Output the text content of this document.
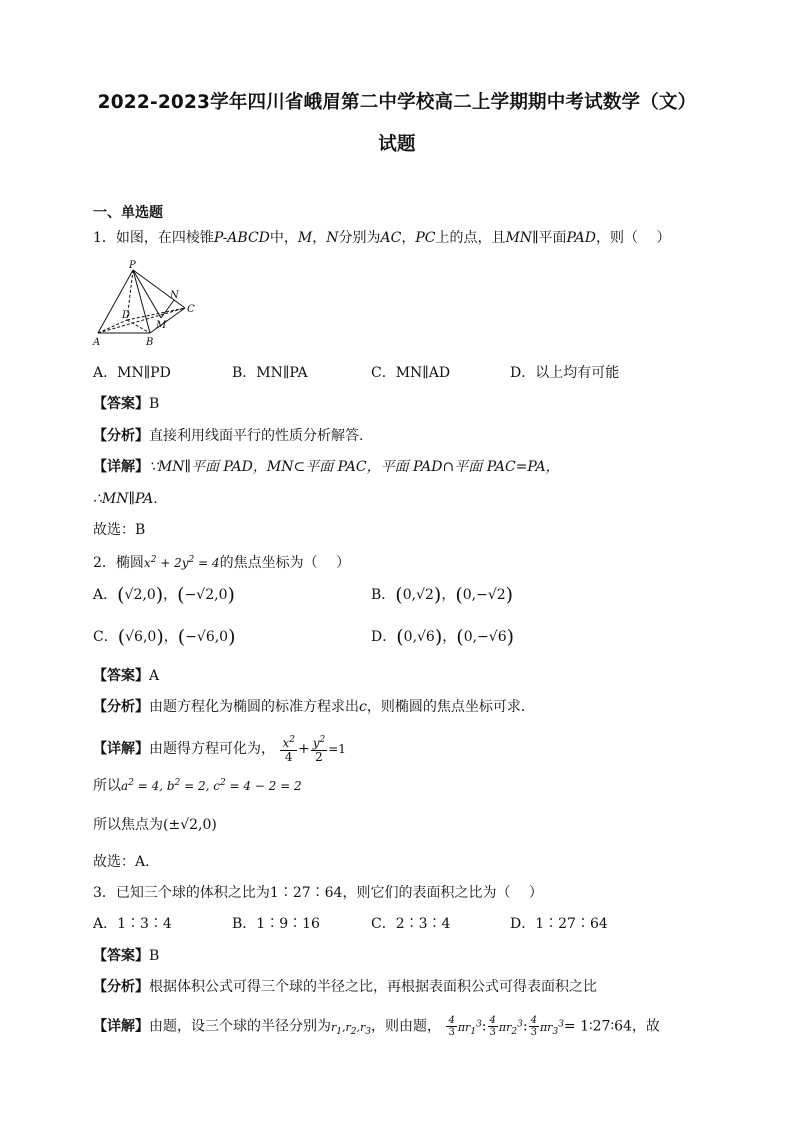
2022-2023学年四川省峨眉第二中学校高二上学期期中考试数学（文）
试题
一、单选题
1．如图，在四棱锥P-ABCD中，M，N分别为AC，PC上的点，且MN∥平面PAD，则（　 ）
P
N
C
D
M
A	B
A．MN∥PD	B．MN∥PA	C．MN∥AD	D．以上均有可能
【答案】B
【分析】直接利用线面平行的性质分析解答.
【详解】∵MN∥平面 PAD，MN⊂平面 PAC，平面 PAD∩平面 PAC=PA，
∴MN∥PA.
故选：B
2．椭圆$x^2 + 2y^2 = 4$的焦点坐标为（　 ）
A．(√2,0)，(−√2,0)	B．(0,√2)，(0,−√2)
C．(√6,0)，(−√6,0)	D．(0,√6)，(0,−√6)
【答案】A
【分析】由题方程化为椭圆的标准方程求出c，则椭圆的焦点坐标可求．
【详解】由题得方程可化为， $\frac{x^2}{4} + \frac{y^2}{2} =1$
所以$a^2 = 4$, $b^2 = 2$, $c^2 = 4 - 2 = 2$
所以焦点为(±√2,0)
故选：A.
3．已知三个球的体积之比为1∶27∶64，则它们的表面积之比为（　 ）
A．1∶3∶4	B．1∶9∶16	C．2∶3∶4	D．1∶27∶64
【答案】B
【分析】根据体积公式可得三个球的半径之比，再根据表面积公式可得表面积之比
【详解】由题，设三个球的半径分别为$r_1,r_2,r_3$，则由题， $\frac{4}{3} \pi r_1^3$: $\frac{4}{3} \pi r_2^3$: $\frac{4}{3} \pi r_3^3=$ 1∶27∶64，故
